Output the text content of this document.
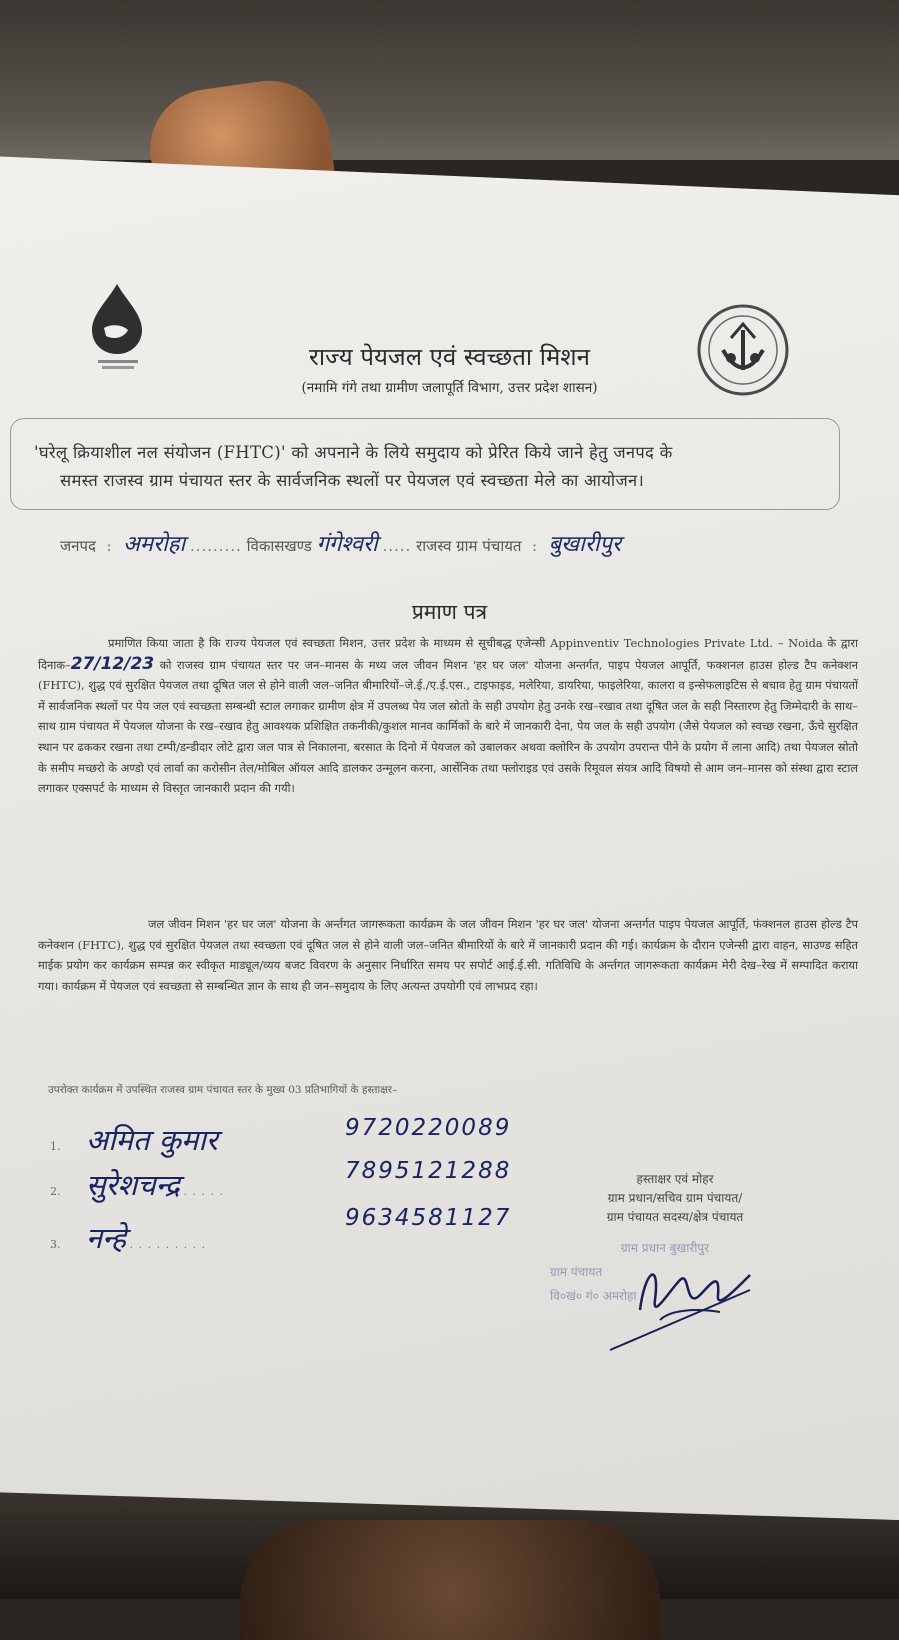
राज्य पेयजल एवं स्वच्छता मिशन
(नमामि गंगे तथा ग्रामीण जलापूर्ति विभाग, उत्तर प्रदेश शासन)
'घरेलू क्रियाशील नल संयोजन (FHTC)' को अपनाने के लिये समुदाय को प्रेरित किये जाने हेतु जनपद के
समस्त राजस्व ग्राम पंचायत स्तर के सार्वजनिक स्थलों पर पेयजल एवं स्वच्छता मेले का आयोजन।
जनपद  :  अमरोहा ......... विकासखण्ड गंगेश्वरी ..... राजस्व ग्राम पंचायत  :  बुखारीपुर
प्रमाण पत्र
प्रमाणित किया जाता है कि राज्य पेयजल एवं स्वच्छता मिशन, उत्तर प्रदेश के माध्यम से सूचीबद्ध एजेन्सी Appinventiv Technologies Private Ltd. – Noida के द्वारा दिनाक–27/12/23 को राजस्व ग्राम पंचायत स्तर पर जन–मानस के मध्य जल जीवन मिशन 'हर घर जल' योजना अन्तर्गत, पाइप पेयजल आपूर्ति, फक्शनल हाउस होल्ड टैप कनेक्शन (FHTC), शुद्ध एवं सुरक्षित पेयजल तथा दूषित जल से होने वाली जल–जनित बीमारियों–जे.ई./ए.ई.एस., टाइफाइड, मलेरिया, डायरिया, फाइलेरिया, कालरा व इन्सेफलाइटिस से बचाव हेतु ग्राम पंचायतों में सार्वजनिक स्थलों पर पेय जल एवं स्वच्छता सम्बन्धी स्टाल लगाकर ग्रामीण क्षेत्र में उपलब्ध पेय जल स्रोतो के सही उपयोग हेतु उनके रख–रखाव तथा दूषित जल के सही निस्तारण हेतु जिम्मेदारी के साथ–साथ ग्राम पंचायत में पेयजल योजना के रख–रखाव हेतु आवश्यक प्रशिक्षित तकनीकी/कुशल मानव कार्मिकों के बारे में जानकारी देना, पेय जल के सही उपयोग (जैसे पेयजल को स्वच्छ रखना, ऊँचे सुरक्षित स्थान पर ढककर रखना तथा टम्पी/डन्डीदार लोटे द्वारा जल पात्र से निकालना, बरसात के दिनो में पेयजल को उबालकर अथवा क्लोरिन के उपयोग उपरान्त पीने के प्रयोग में लाना आदि) तथा पेयजल स्रोतो के समीप मच्छरो के अण्डो एवं लार्वा का करोसीन तेल/मोबिल ऑयल आदि डालकर उन्मूलन करना, आर्सेनिक तथा फ्लोराइड एवं उसके रिमूवल संयत्र आदि विषयो से आम जन–मानस को संस्था द्वारा स्टाल लगाकर एक्सपर्ट के माध्यम से विस्तृत जानकारी प्रदान की गयी।
जल जीवन मिशन 'हर घर जल' योजना के अर्न्तगत जागरूकता कार्यक्रम के जल जीवन मिशन 'हर घर जल' योजना अन्तर्गत पाइप पेयजल आपूर्ति, फंक्शनल हाउस होल्ड टैप कनेक्शन (FHTC), शुद्ध एवं सुरक्षित पेयजल तथा स्वच्छता एवं दूषित जल से होने वाली जल–जनित बीमारियों के बारे में जानकारी प्रदान की गई। कार्यक्रम के दौरान एजेन्सी द्वारा वाहन, साउण्ड सहित माईक प्रयोग कर कार्यक्रम सम्पन्न कर स्वीकृत माड्यूल/व्यय बजट विवरण के अनुसार निर्धारित समय पर सपोर्ट आई.ई.सी. गतिविधि के अर्न्तगत जागरूकता कार्यक्रम मेरी देख–रेख में सम्पादित कराया गया। कार्यक्रम में पेयजल एवं स्वच्छता से सम्बन्धित ज्ञान के साथ ही जन–समुदाय के लिए अत्यन्त उपयोगी एवं लाभप्रद रहा।
उपरोक्त कार्यक्रम में उपस्थित राजस्व ग्राम पंचायत स्तर के मुख्य 03 प्रतिभागियों के हस्ताक्षर–
1. अमित कुमार	9720220089
2. सुरेशचन्द्र . . . . .
7895121288
3. नन्हे . . . . . . . . .
9634581127
हस्ताक्षर एवं मोहर
ग्राम प्रधान/सचिव ग्राम पंचायत/
ग्राम पंचायत सदस्य/क्षेत्र पंचायत
ग्राम प्रधान बुखारीपुर
ग्राम पंचायत
वि०खं० गं० अमरोहा
